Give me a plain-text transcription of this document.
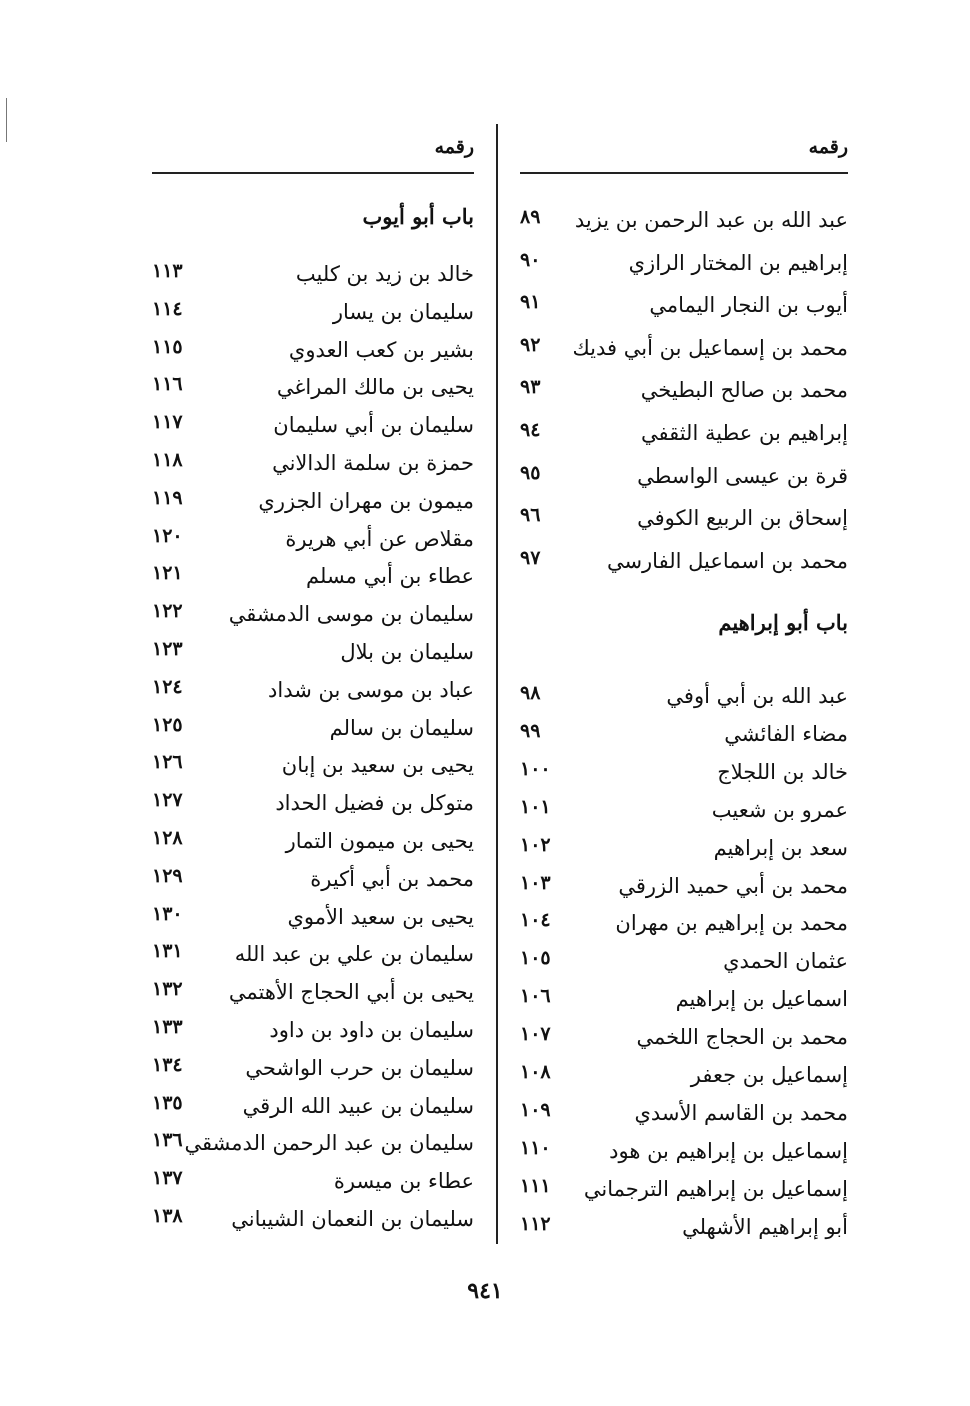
رقمه
عبد الله بن عبد الرحمن بن يزيد
٨٩
إبراهيم بن المختار الرازي
٩٠
أيوب بن النجار اليمامي
٩١
محمد بن إسماعيل بن أبي فديك
٩٢
محمد بن صالح البطيخي
٩٣
إبراهيم بن عطية الثقفي
٩٤
قرة بن عيسى الواسطي
٩٥
إسحاق بن الربيع الكوفي
٩٦
محمد بن اسماعيل الفارسي
٩٧
باب أبو إبراهيم
عبد الله بن أبي أوفي
٩٨
مضاء الفائشي
٩٩
خالد بن اللجلاج
١٠٠
عمرو بن شعيب
١٠١
سعد بن إبراهيم
١٠٢
محمد بن أبي حميد الزرقي
١٠٣
محمد بن إبراهيم بن مهران
١٠٤
عثمان الحمدي
١٠٥
اسماعيل بن إبراهيم
١٠٦
محمد بن الحجاج اللخمي
١٠٧
إسماعيل بن جعفر
١٠٨
محمد بن القاسم الأسدي
١٠٩
إسماعيل بن إبراهيم بن هود
١١٠
إسماعيل بن إبراهيم الترجماني
١١١
أبو إبراهيم الأشهلي
١١٢
رقمه
باب أبو أيوب
خالد بن زيد بن كليب
١١٣
سليمان بن يسار
١١٤
بشير بن كعب العدوي
١١٥
يحيى بن مالك المراغي
١١٦
سليمان بن أبي سليمان
١١٧
حمزة بن سلمة الدالاني
١١٨
ميمون بن مهران الجزري
١١٩
مقلاص عن أبي هريرة
١٢٠
عطاء بن أبي مسلم
١٢١
سليمان بن موسى الدمشقي
١٢٢
سليمان بن بلال
١٢٣
عباد بن موسى بن شداد
١٢٤
سليمان بن سالم
١٢٥
يحيى بن سعيد بن إبان
١٢٦
متوكل بن فضيل الحداد
١٢٧
يحيى بن ميمون التمار
١٢٨
محمد بن أبي أكيرة
١٢٩
يحيى بن سعيد الأموي
١٣٠
سليمان بن علي بن عبد الله
١٣١
يحيى بن أبي الحجاج الأهتمي
١٣٢
سليمان بن داود بن داود
١٣٣
سليمان بن حرب الواشحي
١٣٤
سليمان بن عبيد الله الرقي
١٣٥
سليمان بن عبد الرحمن الدمشقي
١٣٦
عطاء بن ميسرة
١٣٧
سليمان بن النعمان الشيباني
١٣٨
٩٤١
